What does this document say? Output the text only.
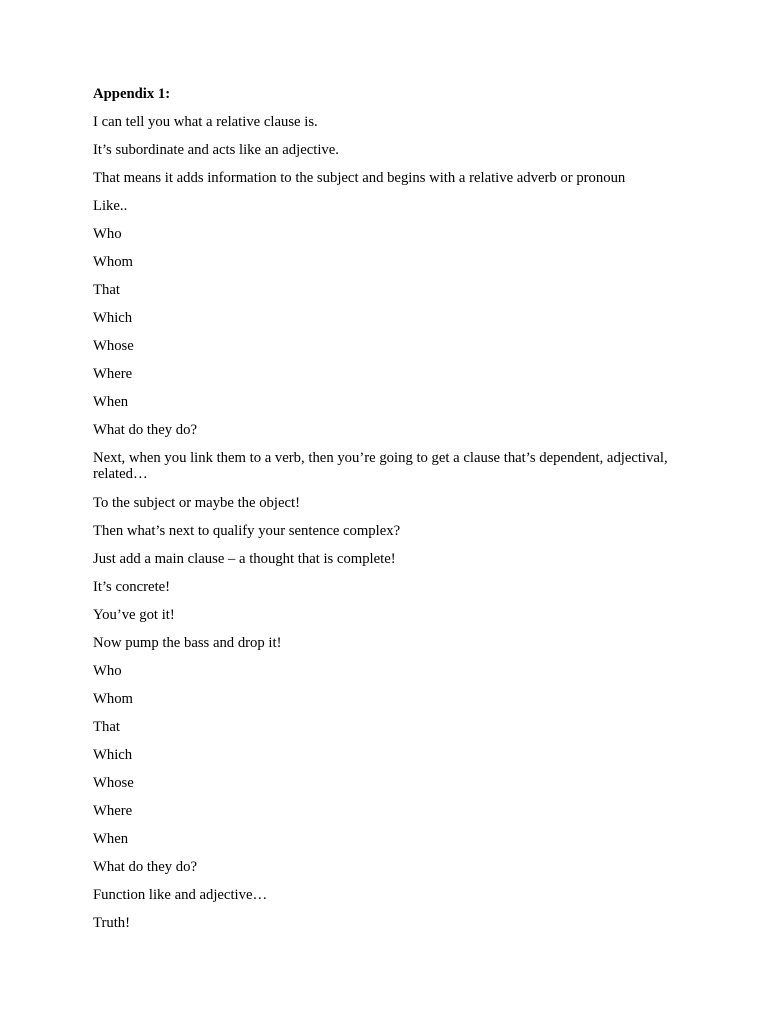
Appendix 1:
I can tell you what a relative clause is.
It’s subordinate and acts like an adjective.
That means it adds information to the subject and begins with a relative adverb or pronoun
Like..
Who
Whom
That
Which
Whose
Where
When
What do they do?
Next, when you link them to a verb, then you’re going to get a clause that’s dependent, adjectival, related…
To the subject or maybe the object!
Then what’s next to qualify your sentence complex?
Just add a main clause – a thought that is complete!
It’s concrete!
You’ve got it!
Now pump the bass and drop it!
Who
Whom
That
Which
Whose
Where
When
What do they do?
Function like and adjective…
Truth!
